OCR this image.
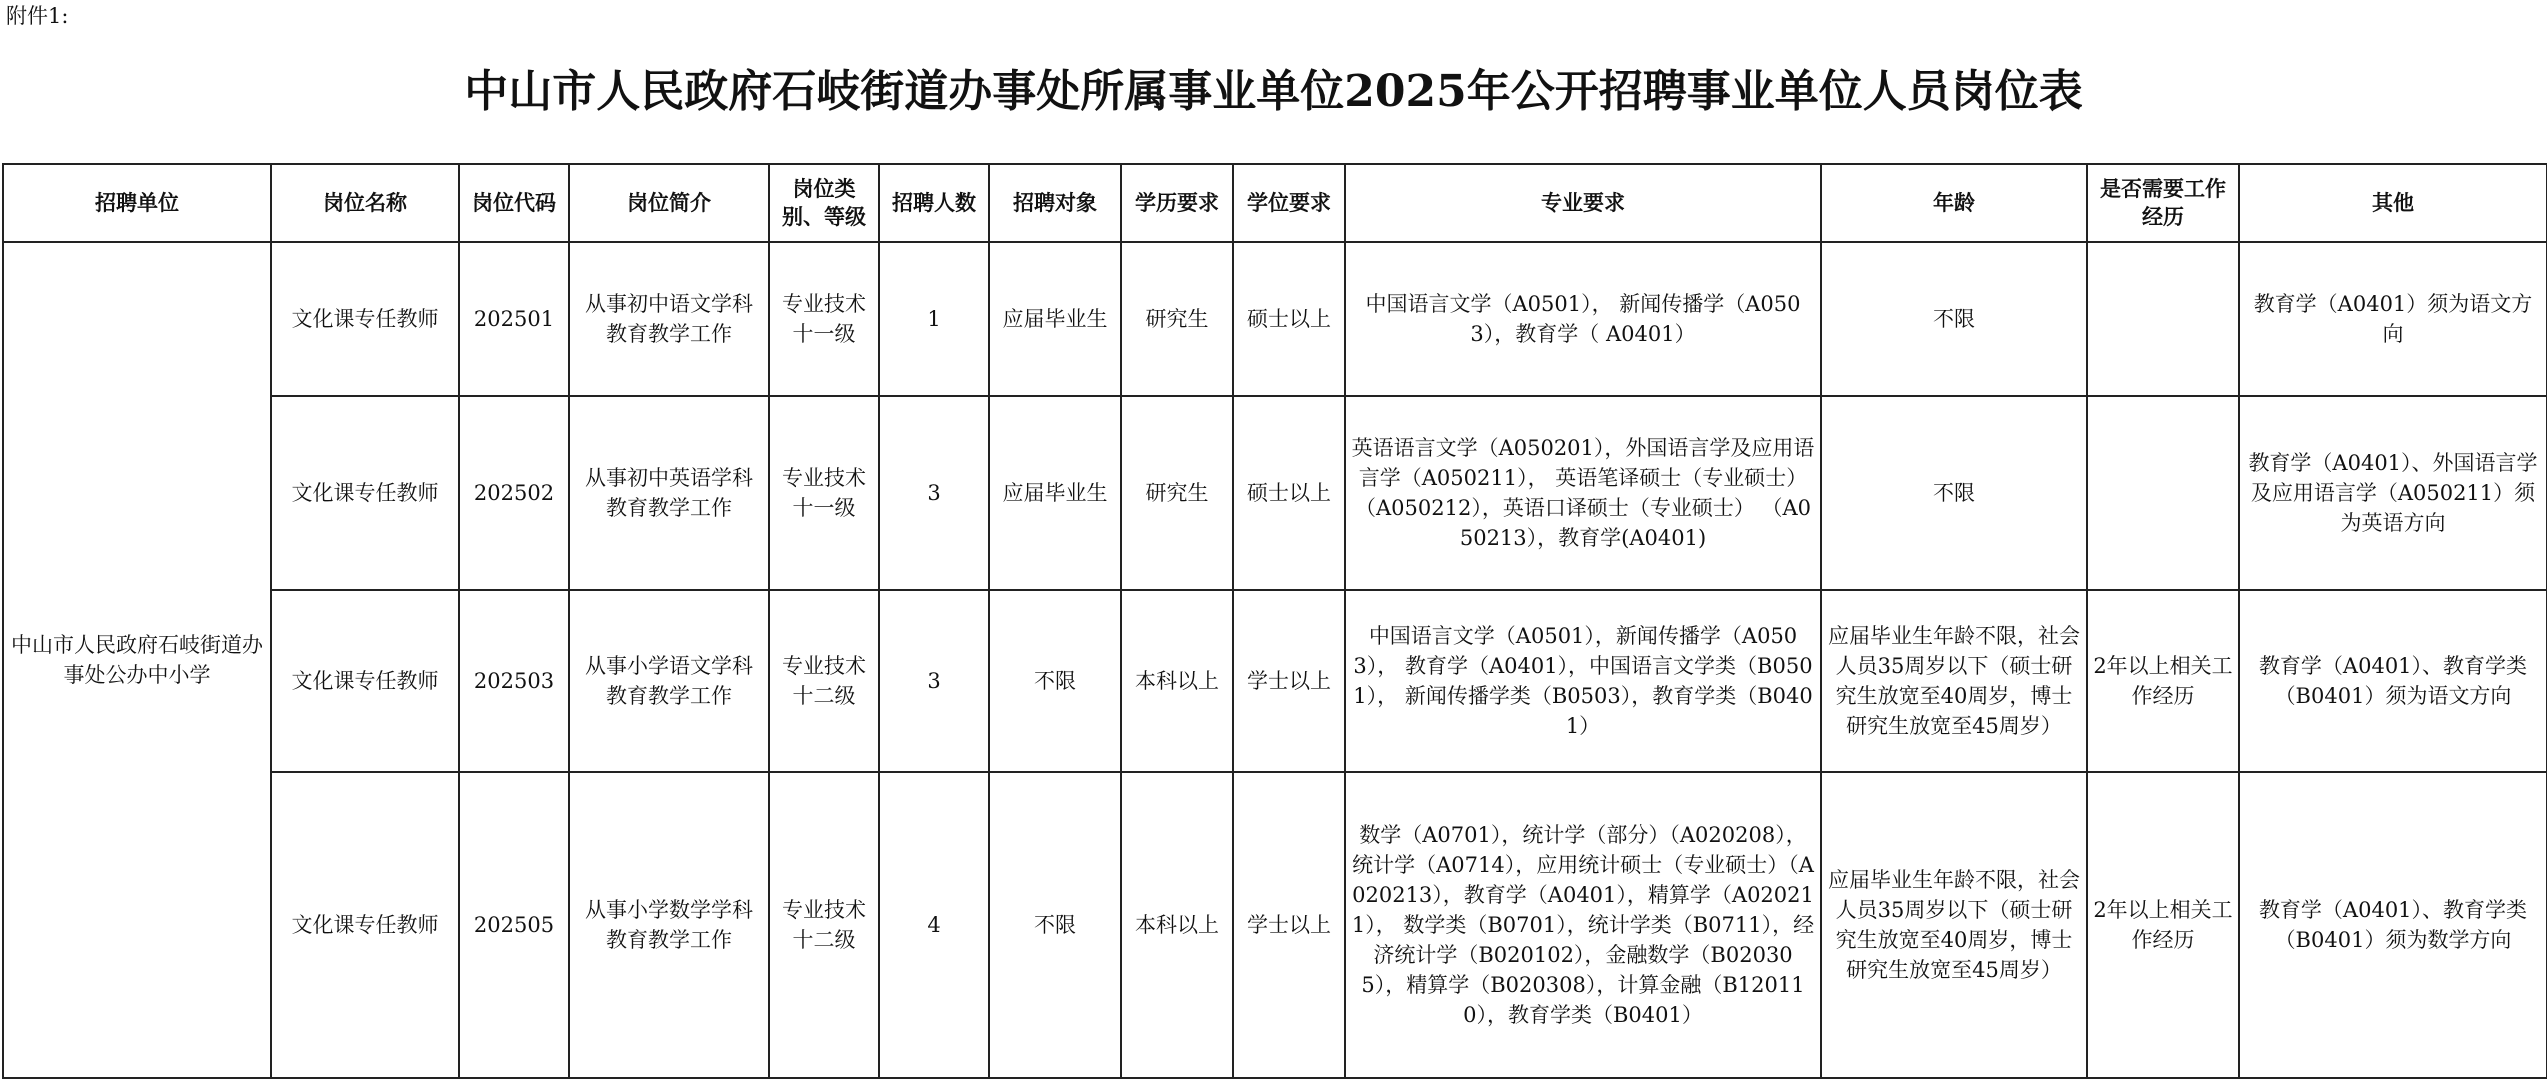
附件1:
中山市人民政府石岐街道办事处所属事业单位2025年公开招聘事业单位人员岗位表
招聘单位	岗位名称	岗位代码	岗位简介	岗位类别、等级	招聘人数	招聘对象	学历要求	学位要求	专业要求	年龄	是否需要工作经历	其他
中山市人民政府石岐街道办事处公办中小学	文化课专任教师	202501	从事初中语文学科教育教学工作	专业技术十一级	1	应届毕业生	研究生	硕士以上	中国语言文学（A0501）， 新闻传播学（A0503），教育学（ A0401）	不限		教育学（A0401）须为语文方向
	文化课专任教师	202502	从事初中英语学科教育教学工作	专业技术十一级	3	应届毕业生	研究生	硕士以上	英语语言文学（A050201），外国语言学及应用语言学（A050211）， 英语笔译硕士（专业硕士）（A050212），英语口译硕士（专业硕士） （A050213），教育学(A0401)	不限		教育学（A0401）、外国语言学及应用语言学（A050211）须为英语方向
	文化课专任教师	202503	从事小学语文学科教育教学工作	专业技术十二级	3	不限	本科以上	学士以上	中国语言文学（A0501），新闻传播学（A0503）， 教育学（A0401），中国语言文学类（B0501）， 新闻传播学类（B0503），教育学类（B0401）	应届毕业生年龄不限，社会人员35周岁以下（硕士研究生放宽至40周岁，博士研究生放宽至45周岁）	2年以上相关工作经历	教育学（A0401）、教育学类（B0401）须为语文方向
	文化课专任教师	202505	从事小学数学学科教育教学工作	专业技术十二级	4	不限	本科以上	学士以上	数学（A0701），统计学（部分）（A020208），统计学（A0714），应用统计硕士（专业硕士）（A020213），教育学（A0401），精算学（A020211）， 数学类（B0701），统计学类（B0711），经济统计学（B020102），金融数学（B020305），精算学（B020308），计算金融（B120110），教育学类（B0401）	应届毕业生年龄不限，社会人员35周岁以下（硕士研究生放宽至40周岁，博士研究生放宽至45周岁）	2年以上相关工作经历	教育学（A0401）、教育学类（B0401）须为数学方向
